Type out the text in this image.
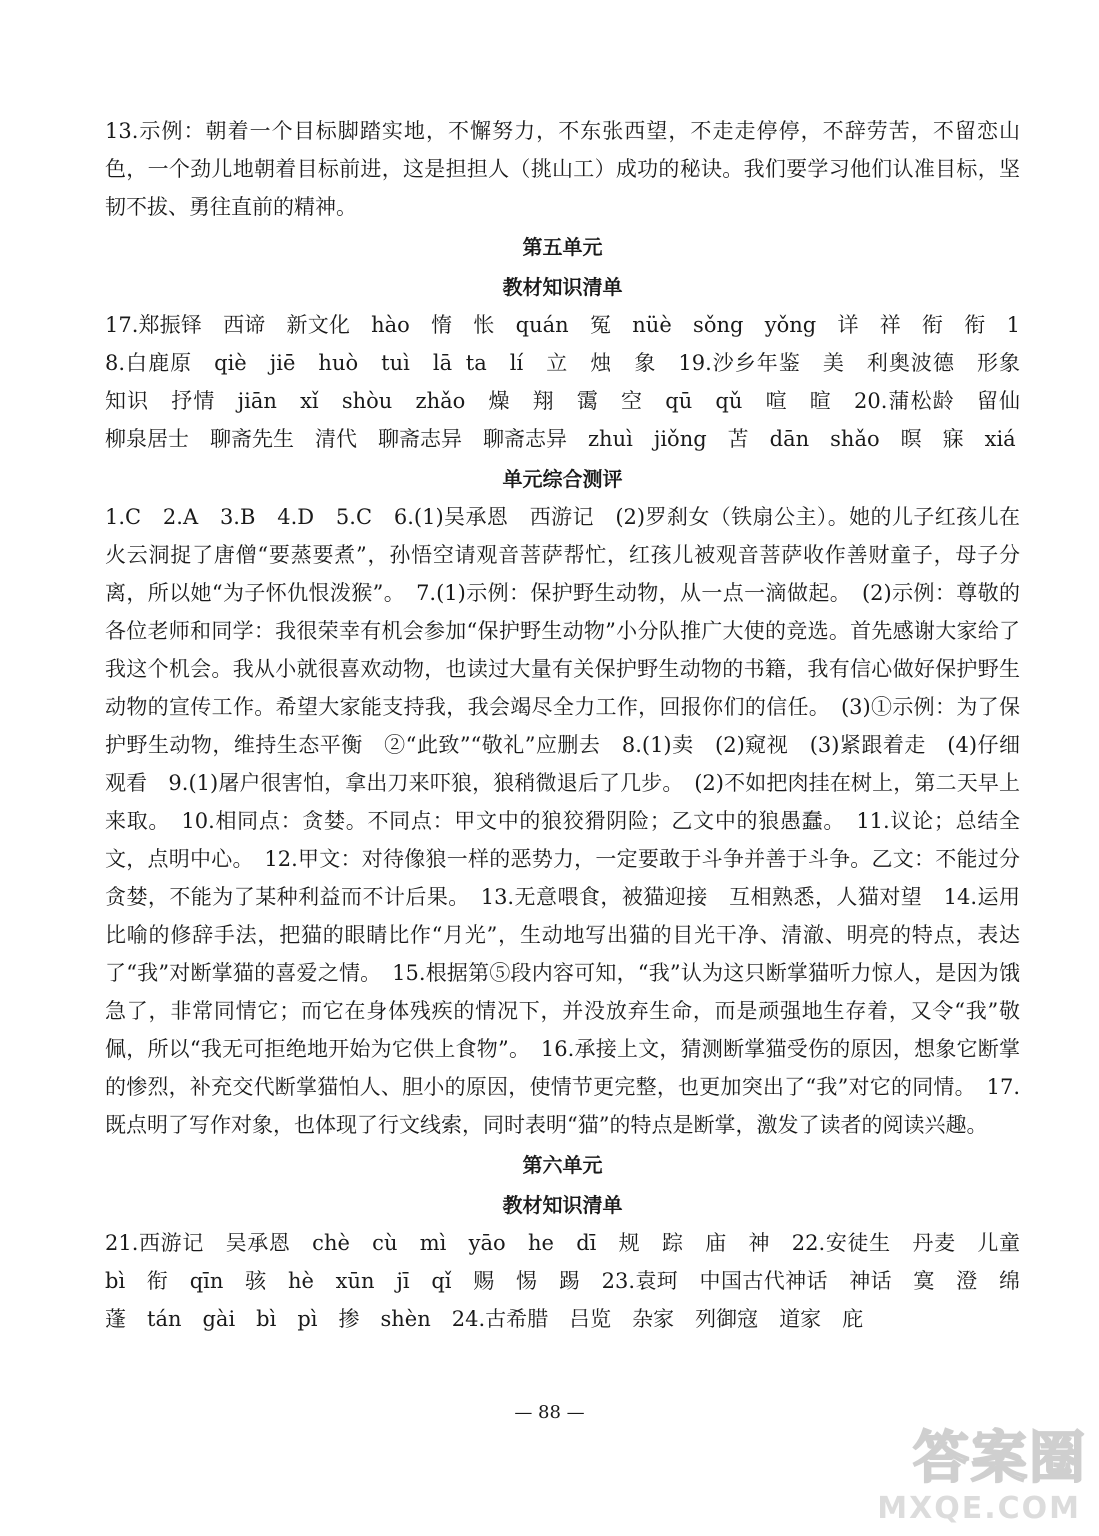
13.示例：朝着一个目标脚踏实地，不懈努力，不东张西望，不走走停停，不辞劳苦，不留恋山色，一个劲儿地朝着目标前进，这是担担人（挑山工）成功的秘诀。我们要学习他们认准目标，坚韧不拔、勇往直前的精神。

第五单元
教材知识清单

17.郑振铎　西谛　新文化　hào　惰　怅　quán　冤　nüè　sǒng　yǒng　详　祥　衔　衔　18.白鹿原　qiè　jiē　huò　tuì　lā ta　lí　立　烛　象　19.沙乡年鉴　美　利奥波德　形象　知识　抒情　jiān　xǐ　shòu　zhǎo　燥　翔　霭　空　qū　qǔ　喧　暄　20.蒲松龄　留仙　柳泉居士　聊斋先生　清代　聊斋志异　聊斋志异　zhuì　jiǒng　苫　dān　shǎo　暝　寐　xiá

单元综合测评

1.C　2.A　3.B　4.D　5.C　6.(1)吴承恩　西游记　(2)罗刹女（铁扇公主）。她的儿子红孩儿在火云洞捉了唐僧“要蒸要煮”，孙悟空请观音菩萨帮忙，红孩儿被观音菩萨收作善财童子，母子分离，所以她“为子怀仇恨泼猴”。　7.(1)示例：保护野生动物，从一点一滴做起。　(2)示例：尊敬的各位老师和同学：我很荣幸有机会参加“保护野生动物”小分队推广大使的竞选。首先感谢大家给了我这个机会。我从小就很喜欢动物，也读过大量有关保护野生动物的书籍，我有信心做好保护野生动物的宣传工作。希望大家能支持我，我会竭尽全力工作，回报你们的信任。　(3)①示例：为了保护野生动物，维持生态平衡　②“此致”“敬礼”应删去　8.(1)卖　(2)窥视　(3)紧跟着走　(4)仔细观看　9.(1)屠户很害怕，拿出刀来吓狼，狼稍微退后了几步。　(2)不如把肉挂在树上，第二天早上来取。　10.相同点：贪婪。不同点：甲文中的狼狡猾阴险；乙文中的狼愚蠢。　11.议论；总结全文，点明中心。　12.甲文：对待像狼一样的恶势力，一定要敢于斗争并善于斗争。乙文：不能过分贪婪，不能为了某种利益而不计后果。　13.无意喂食，被猫迎接　互相熟悉，人猫对望　14.运用比喻的修辞手法，把猫的眼睛比作“月光”，生动地写出猫的目光干净、清澈、明亮的特点，表达了“我”对断掌猫的喜爱之情。　15.根据第⑤段内容可知，“我”认为这只断掌猫听力惊人，是因为饿急了，非常同情它；而它在身体残疾的情况下，并没放弃生命，而是顽强地生存着，又令“我”敬佩，所以“我无可拒绝地开始为它供上食物”。　16.承接上文，猜测断掌猫受伤的原因，想象它断掌的惨烈，补充交代断掌猫怕人、胆小的原因，使情节更完整，也更加突出了“我”对它的同情。　17.既点明了写作对象，也体现了行文线索，同时表明“猫”的特点是断掌，激发了读者的阅读兴趣。

第六单元
教材知识清单

21.西游记　吴承恩　chè　cù　mì　yāo　he　dī　规　踪　庙　神　22.安徒生　丹麦　儿童　bì　衔　qīn　骇　hè　xūn　jī　qǐ　赐　惕　踢　23.袁珂　中国古代神话　神话　寞　澄　绵　蓬　tán　gài　bì　pì　掺　shèn　24.古希腊　吕览　杂家　列御寇　道家　庇

— 88 —
答案圈
MXQE.COM
